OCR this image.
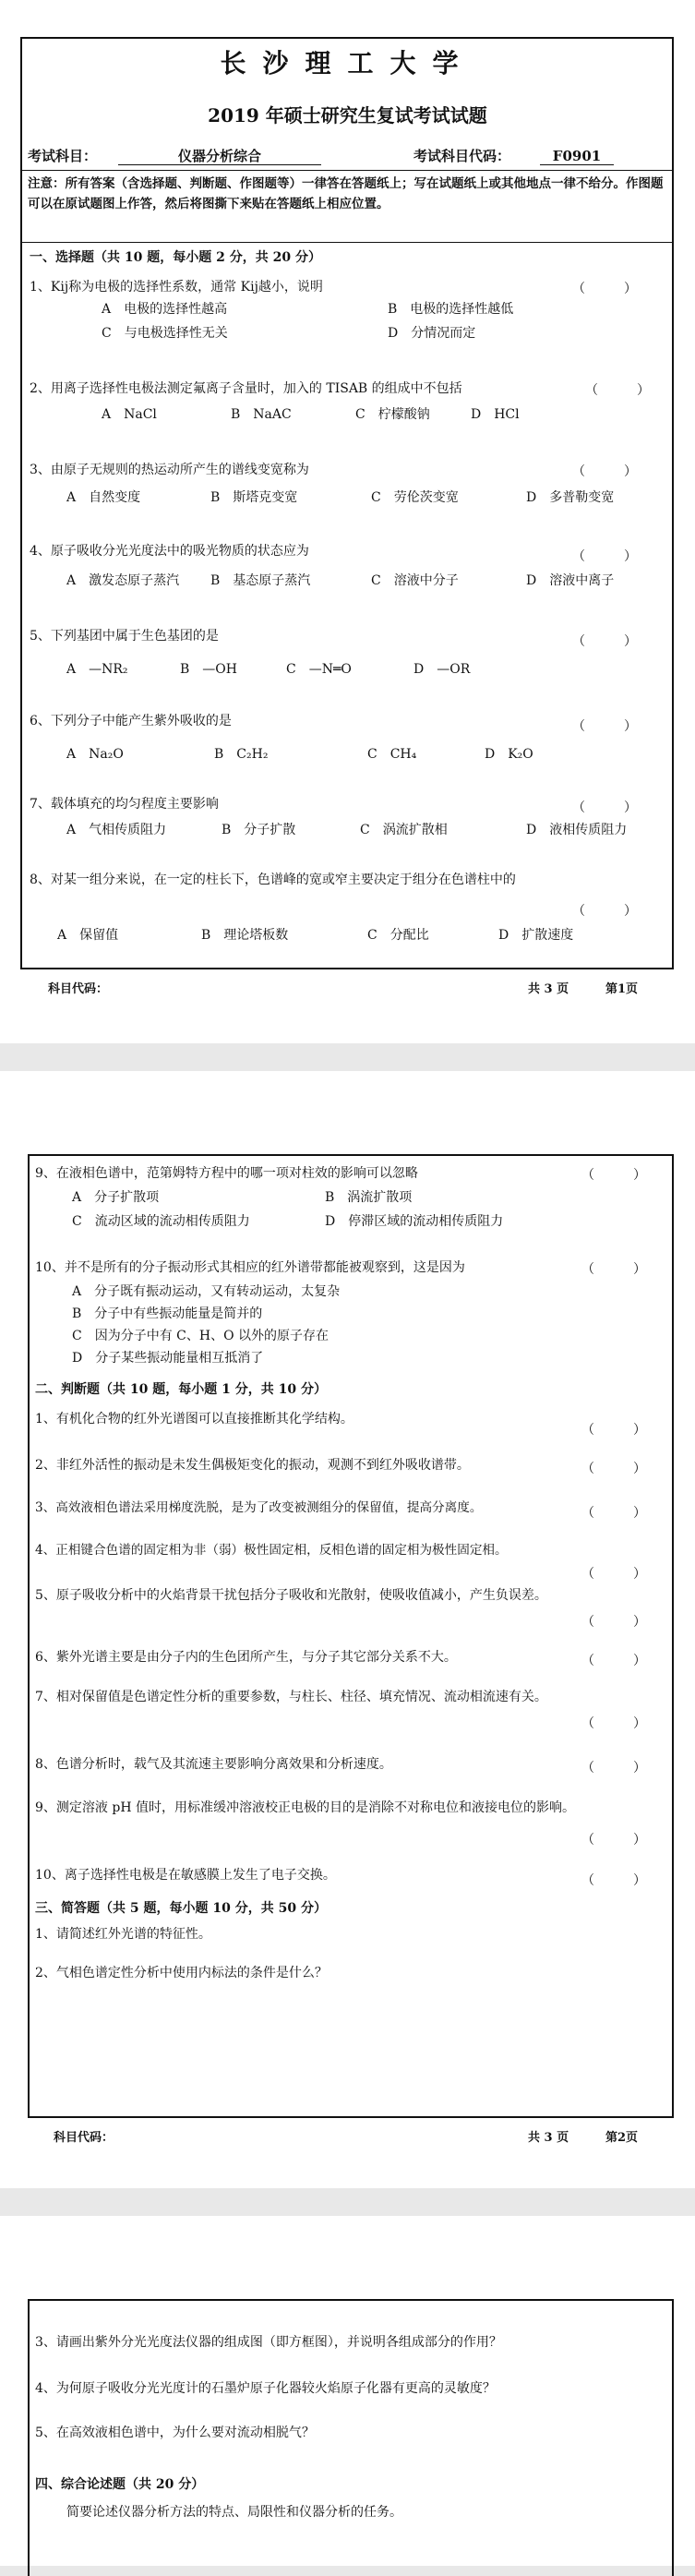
长沙理工大学
2019 年硕士研究生复试考试试题
考试科目：	仪器分析综合	考试科目代码：	F0901
注意：所有答案（含选择题、判断题、作图题等）一律答在答题纸上；写在试题纸上或其他地点一律不给分。作图题可以在原试题图上作答，然后将图撕下来贴在答题纸上相应位置。
一、选择题（共 10 题，每小题 2 分，共 20 分）
1、Kij称为电极的选择性系数，通常 Kij越小，说明	（　　　）
A　电极的选择性越高	B　电极的选择性越低
C　与电极选择性无关	D　分情况而定
2、用离子选择性电极法测定氟离子含量时，加入的 TISAB 的组成中不包括	（　　　）
A　NaCl	B　NaAC	C　柠檬酸钠	D　HCl
3、由原子无规则的热运动所产生的谱线变宽称为	（　　　）
A　自然变度	B　斯塔克变宽	C　劳伦茨变宽	D　多普勒变宽
4、原子吸收分光光度法中的吸光物质的状态应为	（　　　）
A　激发态原子蒸汽 B　基态原子蒸汽	C　溶液中分子	D　溶液中离子
5、下列基团中属于生色基团的是	（　　　）
A　—NR₂	B　—OH	C　—N═O	D　—OR
6、下列分子中能产生紫外吸收的是	（　　　）
A　Na₂O	B　C₂H₂	C　CH₄	D　K₂O
7、载体填充的均匀程度主要影响	（　　　）
A　气相传质阻力	B　分子扩散	C　涡流扩散相	D　液相传质阻力
8、对某一组分来说，在一定的柱长下，色谱峰的宽或窄主要决定于组分在色谱柱中的
（　　　）
A　保留值	B　理论塔板数	C　分配比	D　扩散速度
科目代码：	共 3 页	第1页
9、在液相色谱中，范第姆特方程中的哪一项对柱效的影响可以忽略	（　　　）
A　分子扩散项	B　涡流扩散项
C　流动区域的流动相传质阻力	D　停滞区域的流动相传质阻力
10、并不是所有的分子振动形式其相应的红外谱带都能被观察到，这是因为	（　　　）
A　分子既有振动运动，又有转动运动，太复杂
B　分子中有些振动能量是简并的
C　因为分子中有 C、H、O 以外的原子存在
D　分子某些振动能量相互抵消了
二、判断题（共 10 题，每小题 1 分，共 10 分）
1、有机化合物的红外光谱图可以直接推断其化学结构。
（　　　）
2、非红外活性的振动是未发生偶极矩变化的振动，观测不到红外吸收谱带。	（　　　）
3、高效液相色谱法采用梯度洗脱，是为了改变被测组分的保留值，提高分离度。	（　　　）
4、正相键合色谱的固定相为非（弱）极性固定相，反相色谱的固定相为极性固定相。
（　　　）
5、原子吸收分析中的火焰背景干扰包括分子吸收和光散射，使吸收值减小，产生负误差。
（　　　）
6、紫外光谱主要是由分子内的生色团所产生，与分子其它部分关系不大。	（　　　）
7、相对保留值是色谱定性分析的重要参数，与柱长、柱径、填充情况、流动相流速有关。
（　　　）
8、色谱分析时，载气及其流速主要影响分离效果和分析速度。	（　　　）
9、测定溶液 pH 值时，用标准缓冲溶液校正电极的目的是消除不对称电位和液接电位的影响。
（　　　）
10、离子选择性电极是在敏感膜上发生了电子交换。	（　　　）
三、简答题（共 5 题，每小题 10 分，共 50 分）
1、请简述红外光谱的特征性。
2、气相色谱定性分析中使用内标法的条件是什么？
科目代码：	共 3 页	第2页
3、请画出紫外分光光度法仪器的组成图（即方框图），并说明各组成部分的作用？
4、为何原子吸收分光光度计的石墨炉原子化器较火焰原子化器有更高的灵敏度？
5、在高效液相色谱中，为什么要对流动相脱气？
四、综合论述题（共 20 分）
简要论述仪器分析方法的特点、局限性和仪器分析的任务。
